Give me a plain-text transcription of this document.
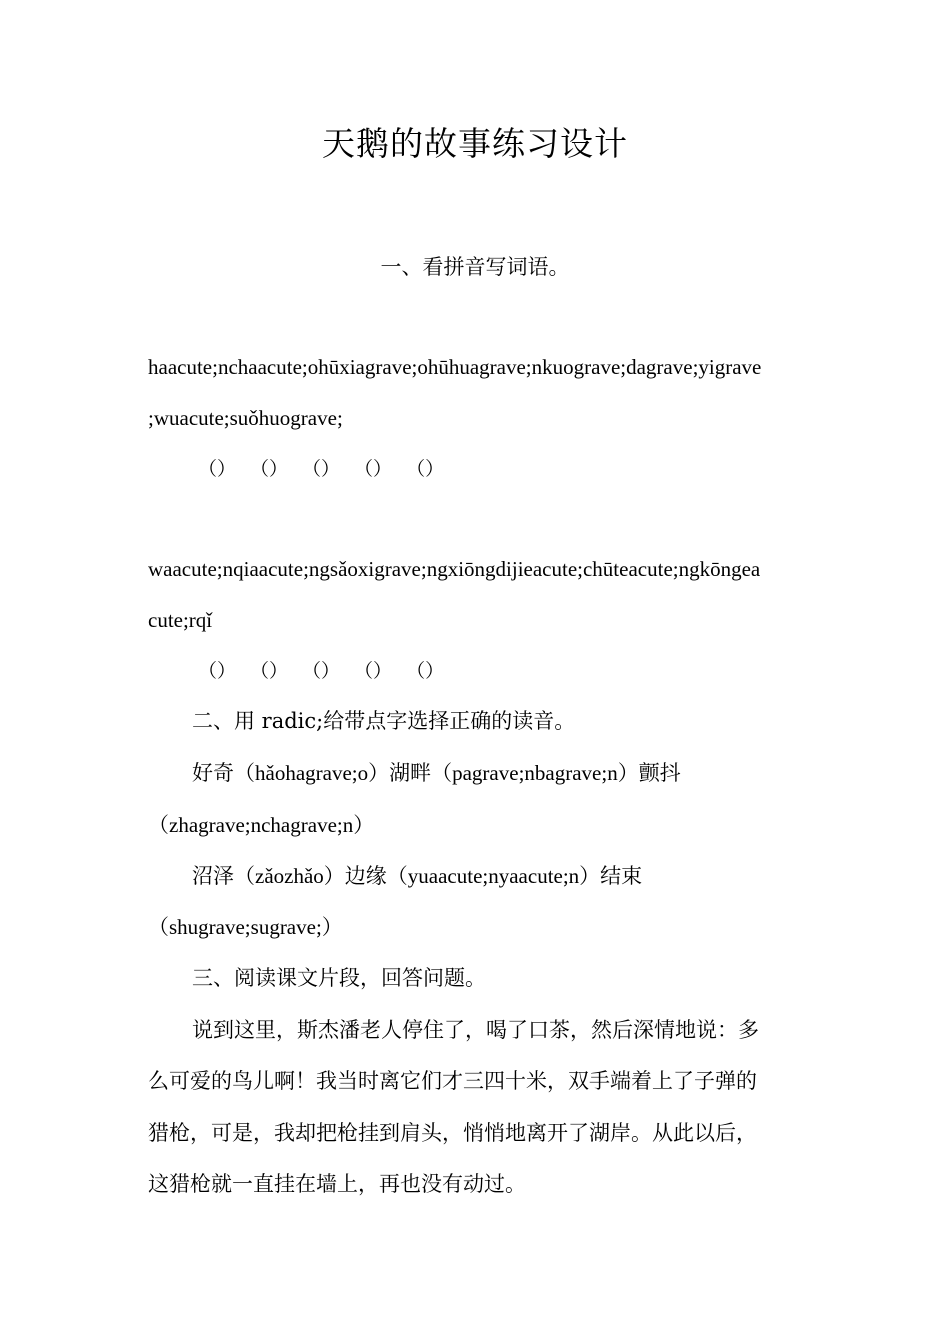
天鹅的故事练习设计
一、看拼音写词语。
haacute;nchaacute;ohūxiagrave;ohūhuagrave;nkuograve;dagrave;yigrave
;wuacute;suǒhuograve;
（） （） （） （） （）
waacute;nqiaacute;ngsǎoxigrave;ngxiōngdijieacute;chūteacute;ngkōngea
cute;rqǐ
（） （） （） （） （）
二、用 radic;给带点字选择正确的读音。
好奇（hǎohagrave;o）湖畔（pagrave;nbagrave;n）颤抖
（zhagrave;nchagrave;n）
沼泽（zǎozhǎo）边缘（yuaacute;nyaacute;n）结束
（shugrave;sugrave;）
三、阅读课文片段，回答问题。
说到这里，斯杰潘老人停住了，喝了口茶，然后深情地说：多
么可爱的鸟儿啊！我当时离它们才三四十米，双手端着上了子弹的
猎枪，可是，我却把枪挂到肩头，悄悄地离开了湖岸。从此以后，
这猎枪就一直挂在墙上，再也没有动过。
